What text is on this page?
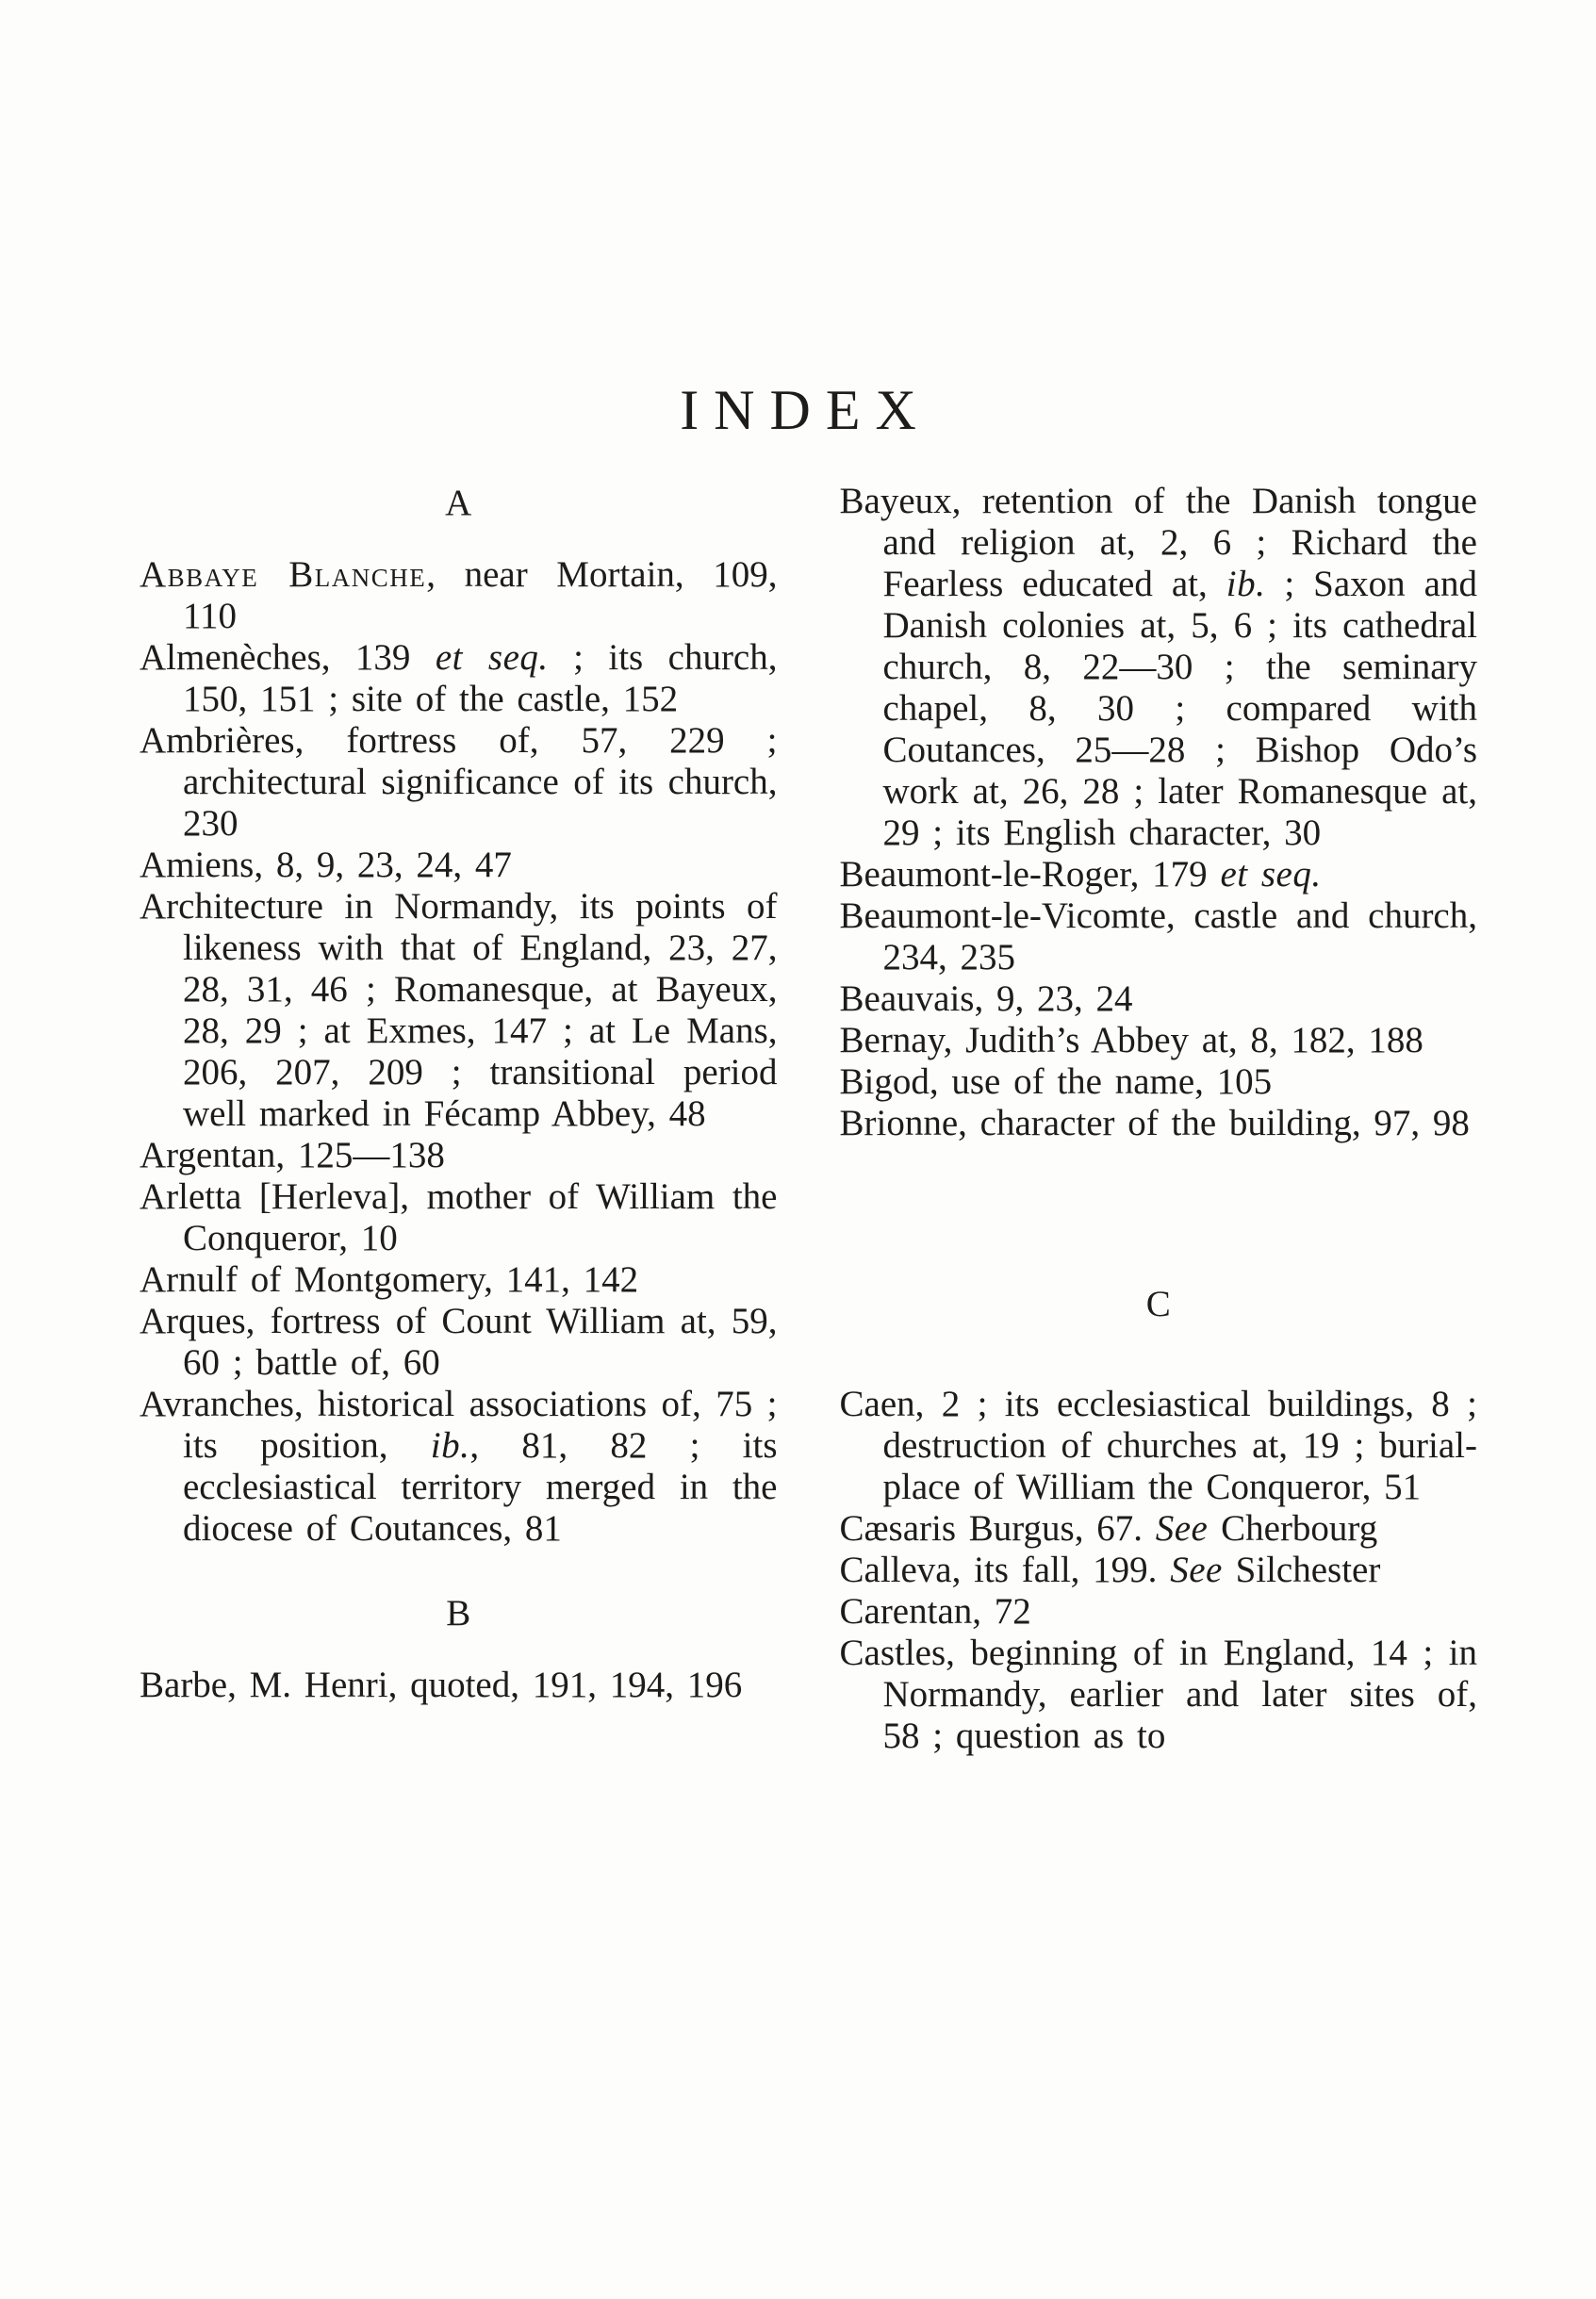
INDEX
A

Abbaye Blanche, near Mortain, 109, 110

Almenèches, 139 et seq. ; its church, 150, 151 ; site of the castle, 152

Ambrières, fortress of, 57, 229 ; architectural significance of its church, 230

Amiens, 8, 9, 23, 24, 47

Architecture in Normandy, its points of likeness with that of England, 23, 27, 28, 31, 46 ; Romanesque, at Bayeux, 28, 29 ; at Exmes, 147 ; at Le Mans, 206, 207, 209 ; transitional period well marked in Fécamp Abbey, 48

Argentan, 125—138

Arletta [Herleva], mother of William the Conqueror, 10

Arnulf of Montgomery, 141, 142

Arques, fortress of Count William at, 59, 60 ; battle of, 60

Avranches, historical associations of, 75 ; its position, ib., 81, 82 ; its ecclesiastical territory merged in the diocese of Coutances, 81

B

Barbe, M. Henri, quoted, 191, 194, 196

Bayeux, retention of the Danish tongue and religion at, 2, 6 ; Richard the Fearless educated at, ib. ; Saxon and Danish colonies at, 5, 6 ; its cathedral church, 8, 22—30 ; the seminary chapel, 8, 30 ; compared with Coutances, 25—28 ; Bishop Odo’s work at, 26, 28 ; later Romanesque at, 29 ; its English character, 30

Beaumont-le-Roger, 179 et seq.

Beaumont-le-Vicomte, castle and church, 234, 235

Beauvais, 9, 23, 24

Bernay, Judith’s Abbey at, 8, 182, 188

Bigod, use of the name, 105

Brionne, character of the building, 97, 98

C

Caen, 2 ; its ecclesiastical buildings, 8 ; destruction of churches at, 19 ; burial-place of William the Conqueror, 51

Cæsaris Burgus, 67. See Cherbourg

Calleva, its fall, 199. See Silchester

Carentan, 72

Castles, beginning of in England, 14 ; in Normandy, earlier and later sites of, 58 ; question as to
